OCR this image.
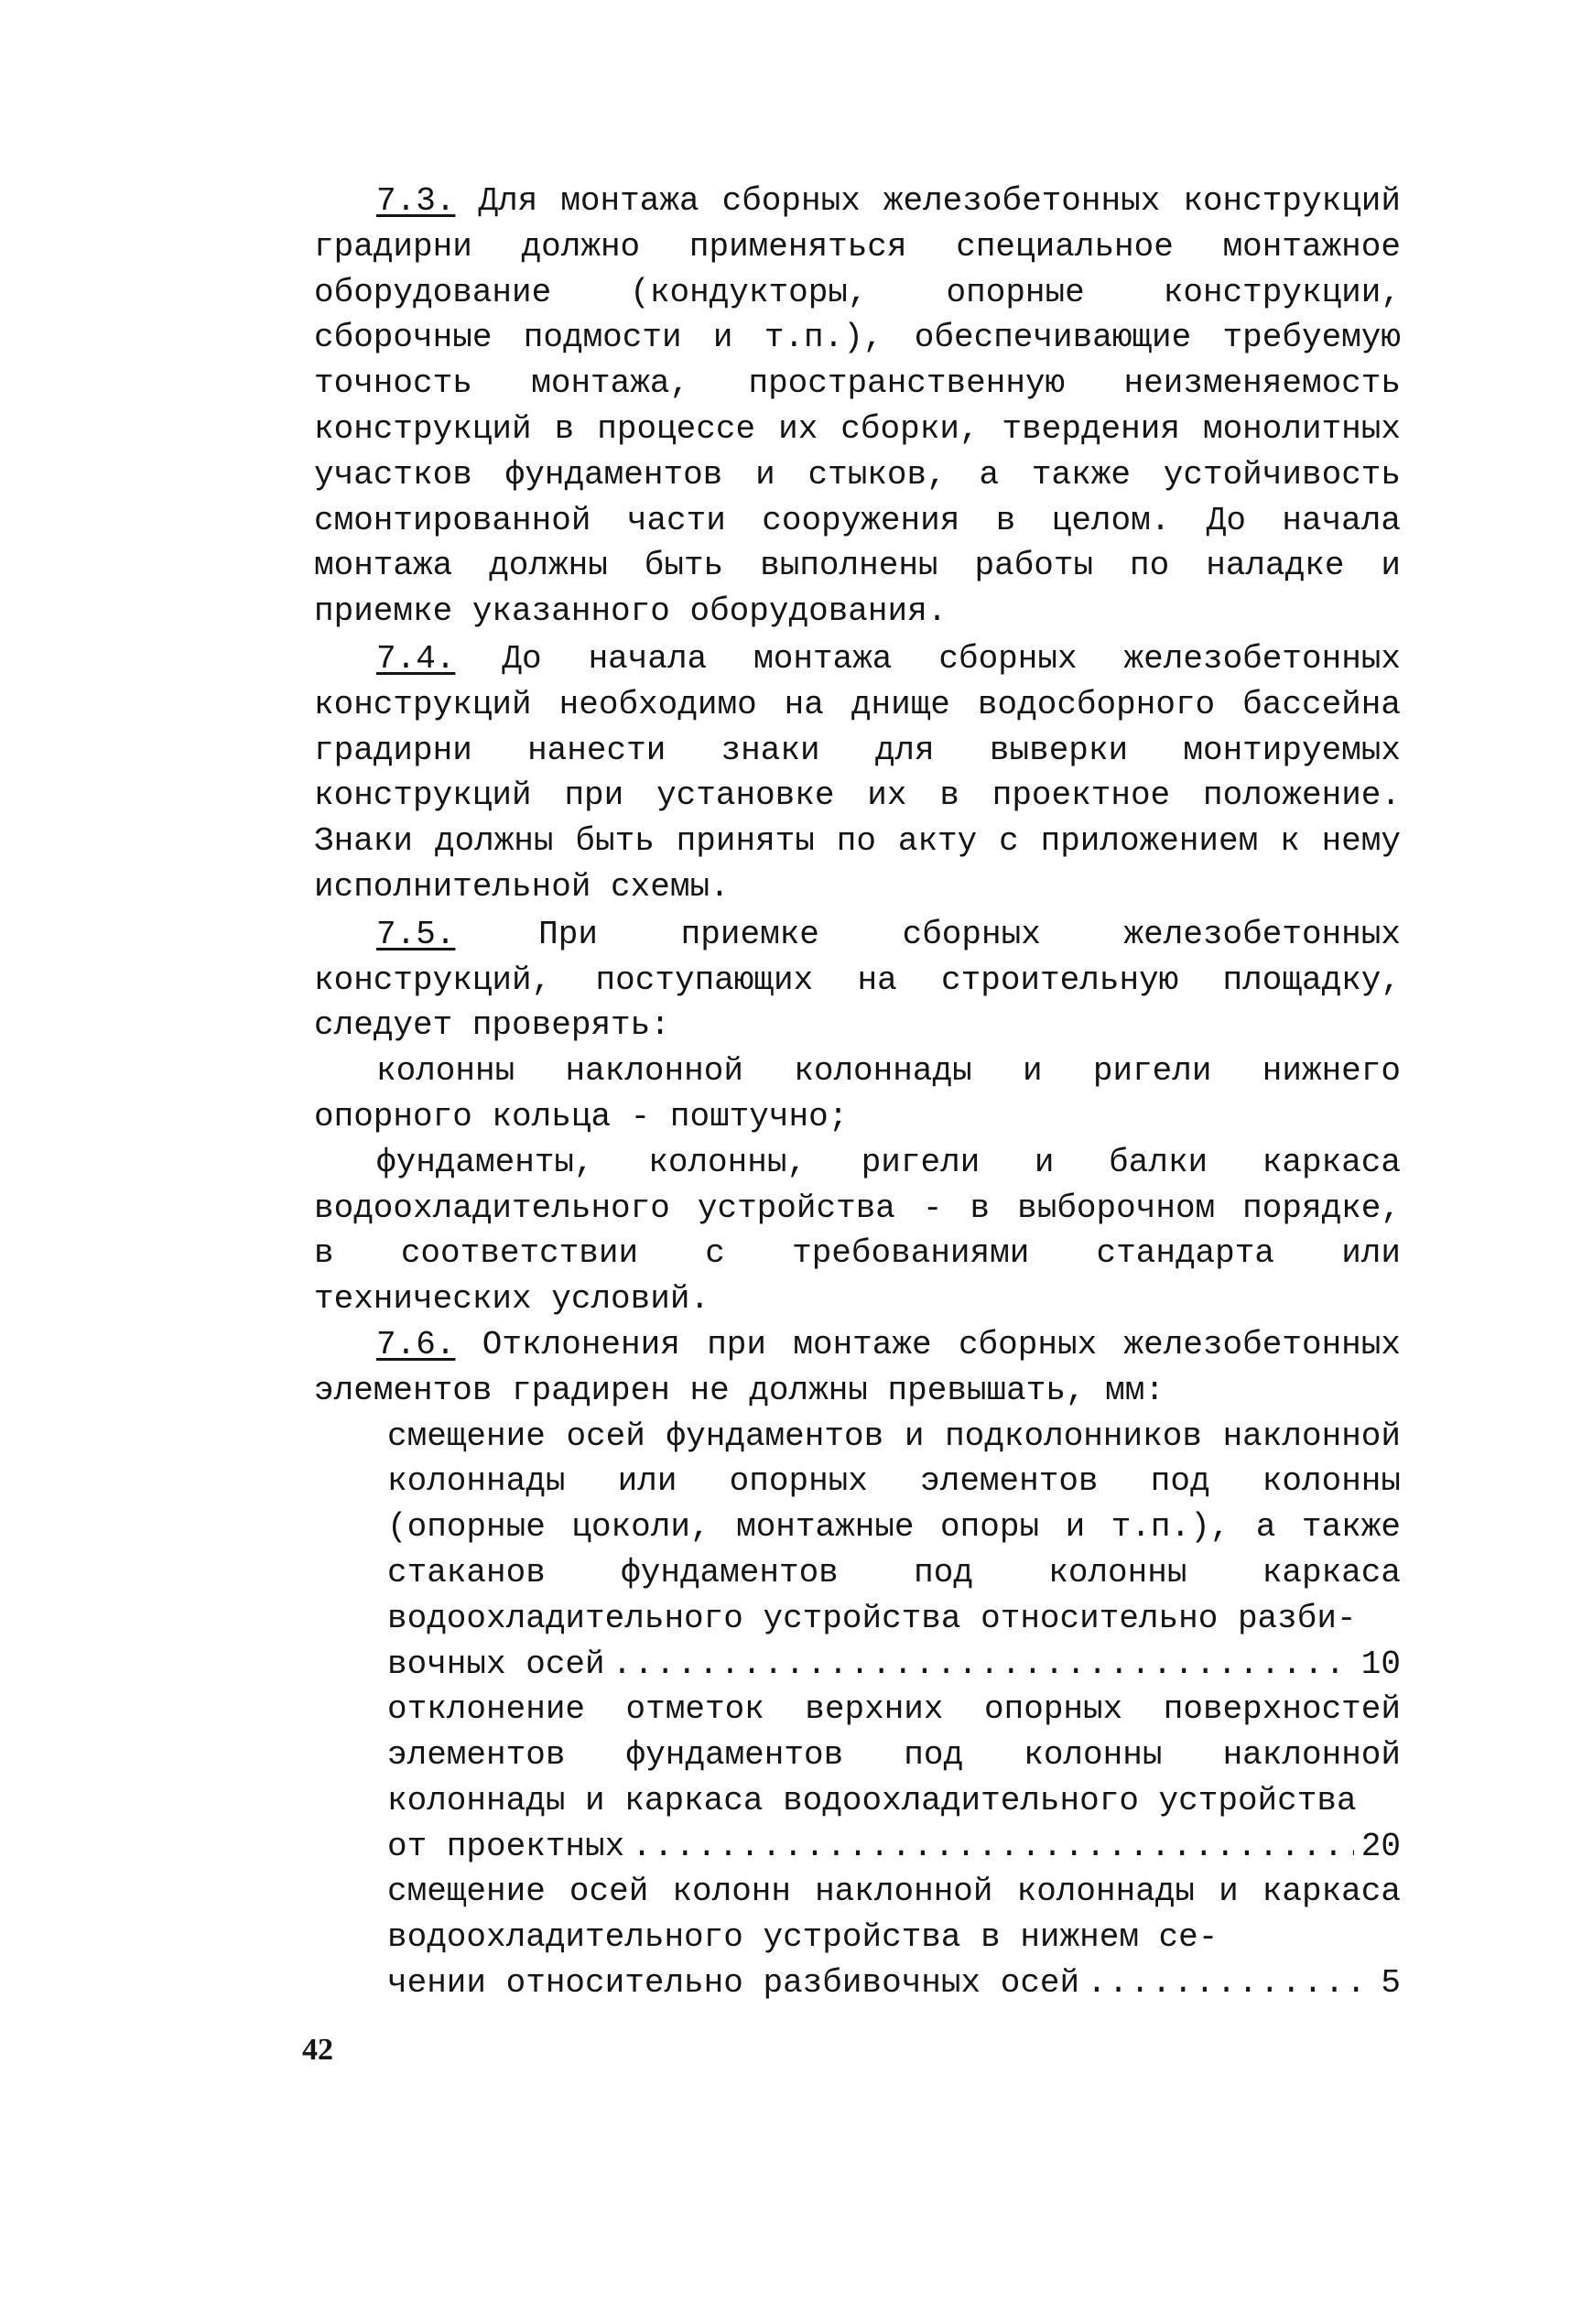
7.3. Для монтажа сборных железобетонных конструкций градирни должно применяться специальное монтажное оборудование (кондукторы, опорные конструкции, сборочные подмости и т.п.), обеспечивающие требуемую точность монтажа, пространственную неизменяемость конструкций в процессе их сборки, твердения монолитных участков фундаментов и стыков, а также устойчивость смонтированной части сооружения в целом. До начала монтажа должны быть выполнены работы по наладке и приемке указанного оборудования.

7.4. До начала монтажа сборных железобетонных конструкций необходимо на днище водосборного бассейна градирни нанести знаки для выверки монтируемых конструкций при установке их в проектное положение. Знаки должны быть приняты по акту с приложением к нему исполнительной схемы.

7.5.	При приемке сборных железобетонных конструкций, поступающих на строительную площадку, следует проверять:

колонны наклонной колоннады и ригели нижнего опорного кольца - поштучно;

фундаменты, колонны, ригели и балки каркаса водоохладительного устройства - в выборочном порядке, в соответствии с требованиями стандарта или технических условий.

7.6. Отклонения при монтаже сборных железобетонных элементов градирен не должны превышать, мм:

смещение осей фундаментов и подколонников наклонной колоннады или опорных элементов под колонны (опорные цоколи, монтажные опоры и т.п.), а также стаканов фундаментов под колонны каркаса водоохладительного устройства относительно разби-

вочных осей .....	10

отклонение отметок верхних опорных поверхностей элементов фундаментов под колонны наклонной колоннады и каркаса водоохладительного устройства

от проектных .....	20

смещение осей колонн наклонной колоннады и каркаса водоохладительного устройства в нижнем се-

чении относительно разбивочных осей .....	5
42
